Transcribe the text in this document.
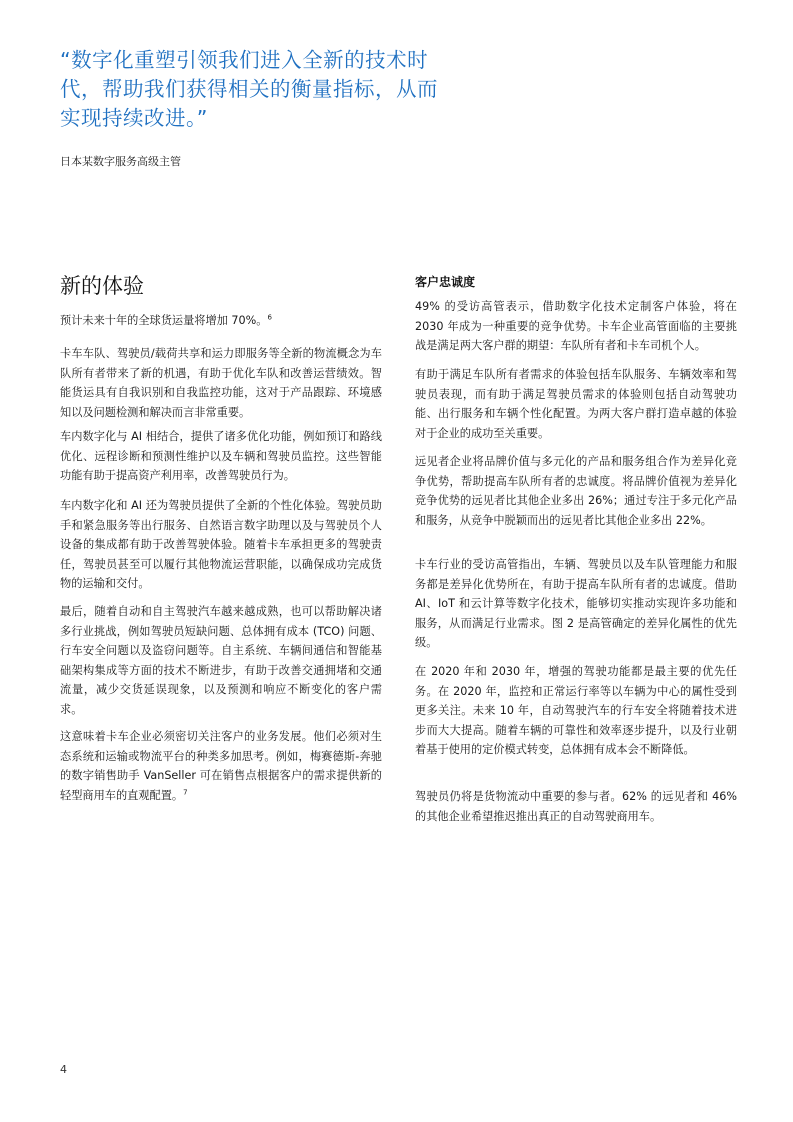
“数字化重塑引领我们进入全新的技术时代，帮助我们获得相关的衡量指标，从而实现持续改进。”
日本某数字服务高级主管
新的体验

预计未来十年的全球货运量将增加 70%。$^6$

卡车车队、驾驶员/载荷共享和运力即服务等全新的物流概念为车队所有者带来了新的机遇，有助于优化车队和改善运营绩效。智能货运具有自我识别和自我监控功能，这对于产品跟踪、环境感知以及问题检测和解决而言非常重要。

车内数字化与 AI 相结合，提供了诸多优化功能，例如预订和路线优化、远程诊断和预测性维护以及车辆和驾驶员监控。这些智能功能有助于提高资产利用率，改善驾驶员行为。

车内数字化和 AI 还为驾驶员提供了全新的个性化体验。驾驶员助手和紧急服务等出行服务、自然语言数字助理以及与驾驶员个人设备的集成都有助于改善驾驶体验。随着卡车承担更多的驾驶责任，驾驶员甚至可以履行其他物流运营职能，以确保成功完成货物的运输和交付。

最后，随着自动和自主驾驶汽车越来越成熟，也可以帮助解决诸多行业挑战，例如驾驶员短缺问题、总体拥有成本 (TCO) 问题、行车安全问题以及盗窃问题等。自主系统、车辆间通信和智能基础架构集成等方面的技术不断进步，有助于改善交通拥堵和交通流量，减少交货延误现象，以及预测和响应不断变化的客户需求。

这意味着卡车企业必须密切关注客户的业务发展。他们必须对生态系统和运输或物流平台的种类多加思考。例如，梅赛德斯-奔驰的数字销售助手 VanSeller 可在销售点根据客户的需求提供新的轻型商用车的直观配置。$^7$

客户忠诚度

49% 的受访高管表示，借助数字化技术定制客户体验，将在 2030 年成为一种重要的竞争优势。卡车企业高管面临的主要挑战是满足两大客户群的期望：车队所有者和卡车司机个人。

有助于满足车队所有者需求的体验包括车队服务、车辆效率和驾驶员表现，而有助于满足驾驶员需求的体验则包括自动驾驶功能、出行服务和车辆个性化配置。为两大客户群打造卓越的体验对于企业的成功至关重要。

远见者企业将品牌价值与多元化的产品和服务组合作为差异化竞争优势，帮助提高车队所有者的忠诚度。将品牌价值视为差异化竞争优势的远见者比其他企业多出 26%；通过专注于多元化产品和服务，从竞争中脱颖而出的远见者比其他企业多出 22%。

卡车行业的受访高管指出，车辆、驾驶员以及车队管理能力和服务都是差异化优势所在，有助于提高车队所有者的忠诚度。借助 AI、IoT 和云计算等数字化技术，能够切实推动实现许多功能和服务，从而满足行业需求。图 2 是高管确定的差异化属性的优先级。

在 2020 年和 2030 年，增强的驾驶功能都是最主要的优先任务。在 2020 年，监控和正常运行率等以车辆为中心的属性受到更多关注。未来 10 年，自动驾驶汽车的行车安全将随着技术进步而大大提高。随着车辆的可靠性和效率逐步提升，以及行业朝着基于使用的定价模式转变，总体拥有成本会不断降低。

驾驶员仍将是货物流动中重要的参与者。62% 的远见者和 46% 的其他企业希望推迟推出真正的自动驾驶商用车。

4
